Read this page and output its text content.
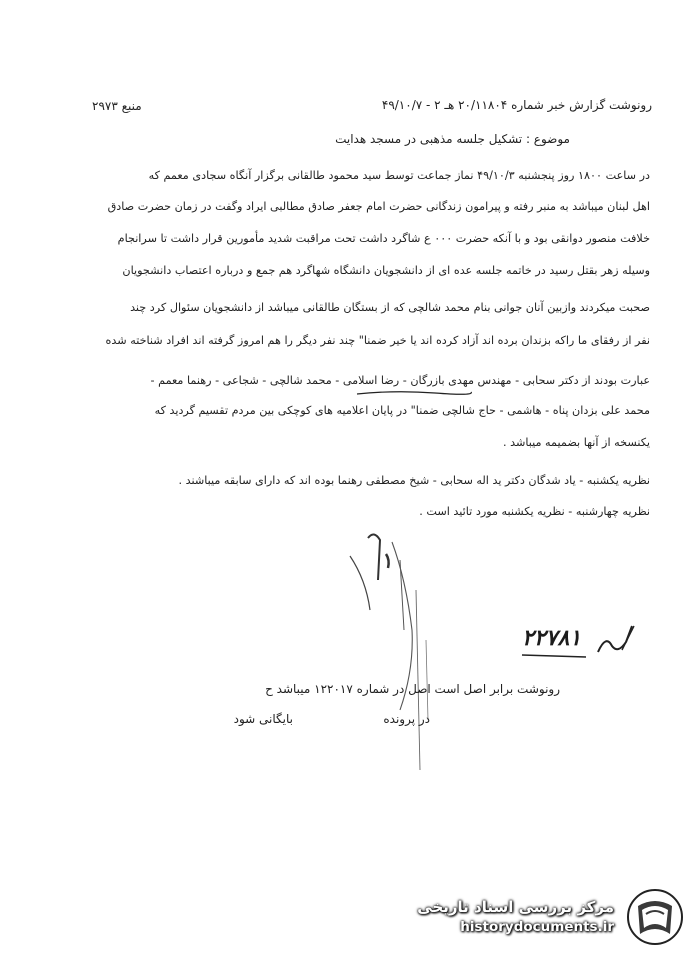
رونوشت گزارش خبر شماره ۲۰/۱۱۸۰۴ هـ ۲ - ۴۹/۱۰/۷
منبع ۲۹۷۳
موضوع : تشکیل جلسه مذهبی در مسجد هدایت
در ساعت ۱۸۰۰ روز پنجشنبه ۴۹/۱۰/۳ نماز جماعت توسط سید محمود طالقانی برگزار آنگاه سجادی معمم که
اهل لبنان میباشد به منبر رفته و پیرامون زندگانی حضرت امام جعفر صادق مطالبی ایراد وگفت در زمان حضرت صادق
خلافت منصور دوانقی بود و با آنکه حضرت ۰۰۰ ع شاگرد داشت تحت مراقبت شدید مأمورین قرار داشت تا سرانجام
وسیله زهر بقتل رسید در خاتمه جلسه عده ای از دانشجویان دانشگاه شهاگرد هم جمع و درباره اعتصاب دانشجویان
صحبت میکردند وازبین آنان جوانی بنام محمد شالچی که از بستگان طالقانی میباشد از دانشجویان سئوال کرد چند
نفر از رفقای ما راکه بزندان برده اند آزاد کرده اند یا خیر ضمنا" چند نفر دیگر را هم امروز گرفته اند افراد شناخته شده
عبارت بودند از دکتر سحابی - مهندس مهدی بازرگان - رضا اسلامی - محمد شالچی - شجاعی - رهنما معمم -
محمد علی بزدان پناه - هاشمی - حاج شالچی ضمنا" در پایان اعلامیه های کوچکی بین مردم تقسیم گردید که
یکنسخه از آنها بضمیمه میباشد .
نظریه یکشنبه - یاد شدگان دکتر ید اله سحابی - شیخ مصطفی رهنما بوده اند که دارای سابقه میباشند .
نظریه چهارشنبه - نظریه یکشنبه مورد تائید است .
۲۲۷۸۱
رونوشت برابر اصل است اصل در شماره ۱۲۲۰۱۷ میباشد ح
بایگانی شود	در پرونده
مرکز بررسی اسناد تاریخی
historydocuments.ir
